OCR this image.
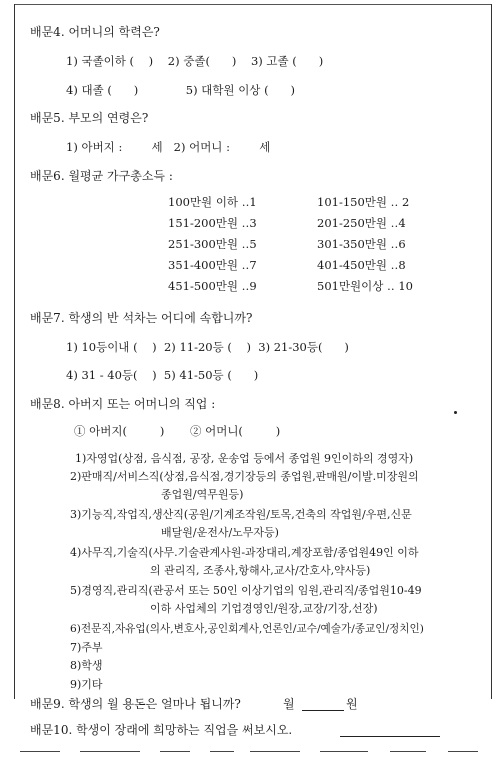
배문4. 어머니의 학력은?
1) 국졸이하 (    )    2) 중졸(      )    3) 고졸 (      )
4) 대졸 (      )             5) 대학원 이상 (      )
배문5. 부모의 연령은?
1) 아버지 :        세   2) 어머니 :        세
배문6. 월평균 가구총소득 :
100만원 이하 ‥1	101-150만원 ‥ 2
151-200만원 ‥3	201-250만원 ‥4
251-300만원 ‥5	301-350만원 ‥6
351-400만원 ‥7	401-450만원 ‥8
451-500만원 ‥9	501만원이상 ‥ 10
배문7. 학생의 반 석차는 어디에 속합니까?
1) 10등이내 (    )  2) 11-20등 (    )  3) 21-30등(      )
4) 31 - 40등(    )  5) 41-50등 (      )
배문8. 아버지 또는 어머니의 직업 :
① 아버지(         )       ② 어머니(         )
1)자영업(상점, 음식점, 공장, 운송업 등에서 종업원 9인이하의 경영자)
2)판매직/서비스직(상점,음식점,경기장등의 종업원,판매원/이발.미장원의
종업원/역무원등)
3)기능직,작업직,생산직(공원/기계조작원/토목,건축의 작업원/우편,신문
배달원/운전사/노무자등)
4)사무직,기술직(사무.기술관계사원-과장대리,계장포함/종업원49인 이하
의 관리직, 조종사,항해사,교사/간호사,약사등)
5)경영직,관리직(관공서 또는 50인 이상기업의 임원,관리직/종업원10-49
이하 사업체의 기업경영인/원장,교장/기장,선장)
6)전문직,자유업(의사,변호사,공인회계사,언론인/교수/예술가/종교인/정치인)
7)주부
8)학생
9)기타
배문9. 학생의 월 용돈은 얼마나 됩니까?	월	원
배문10. 학생이 장래에 희망하는 직업을 써보시오.
